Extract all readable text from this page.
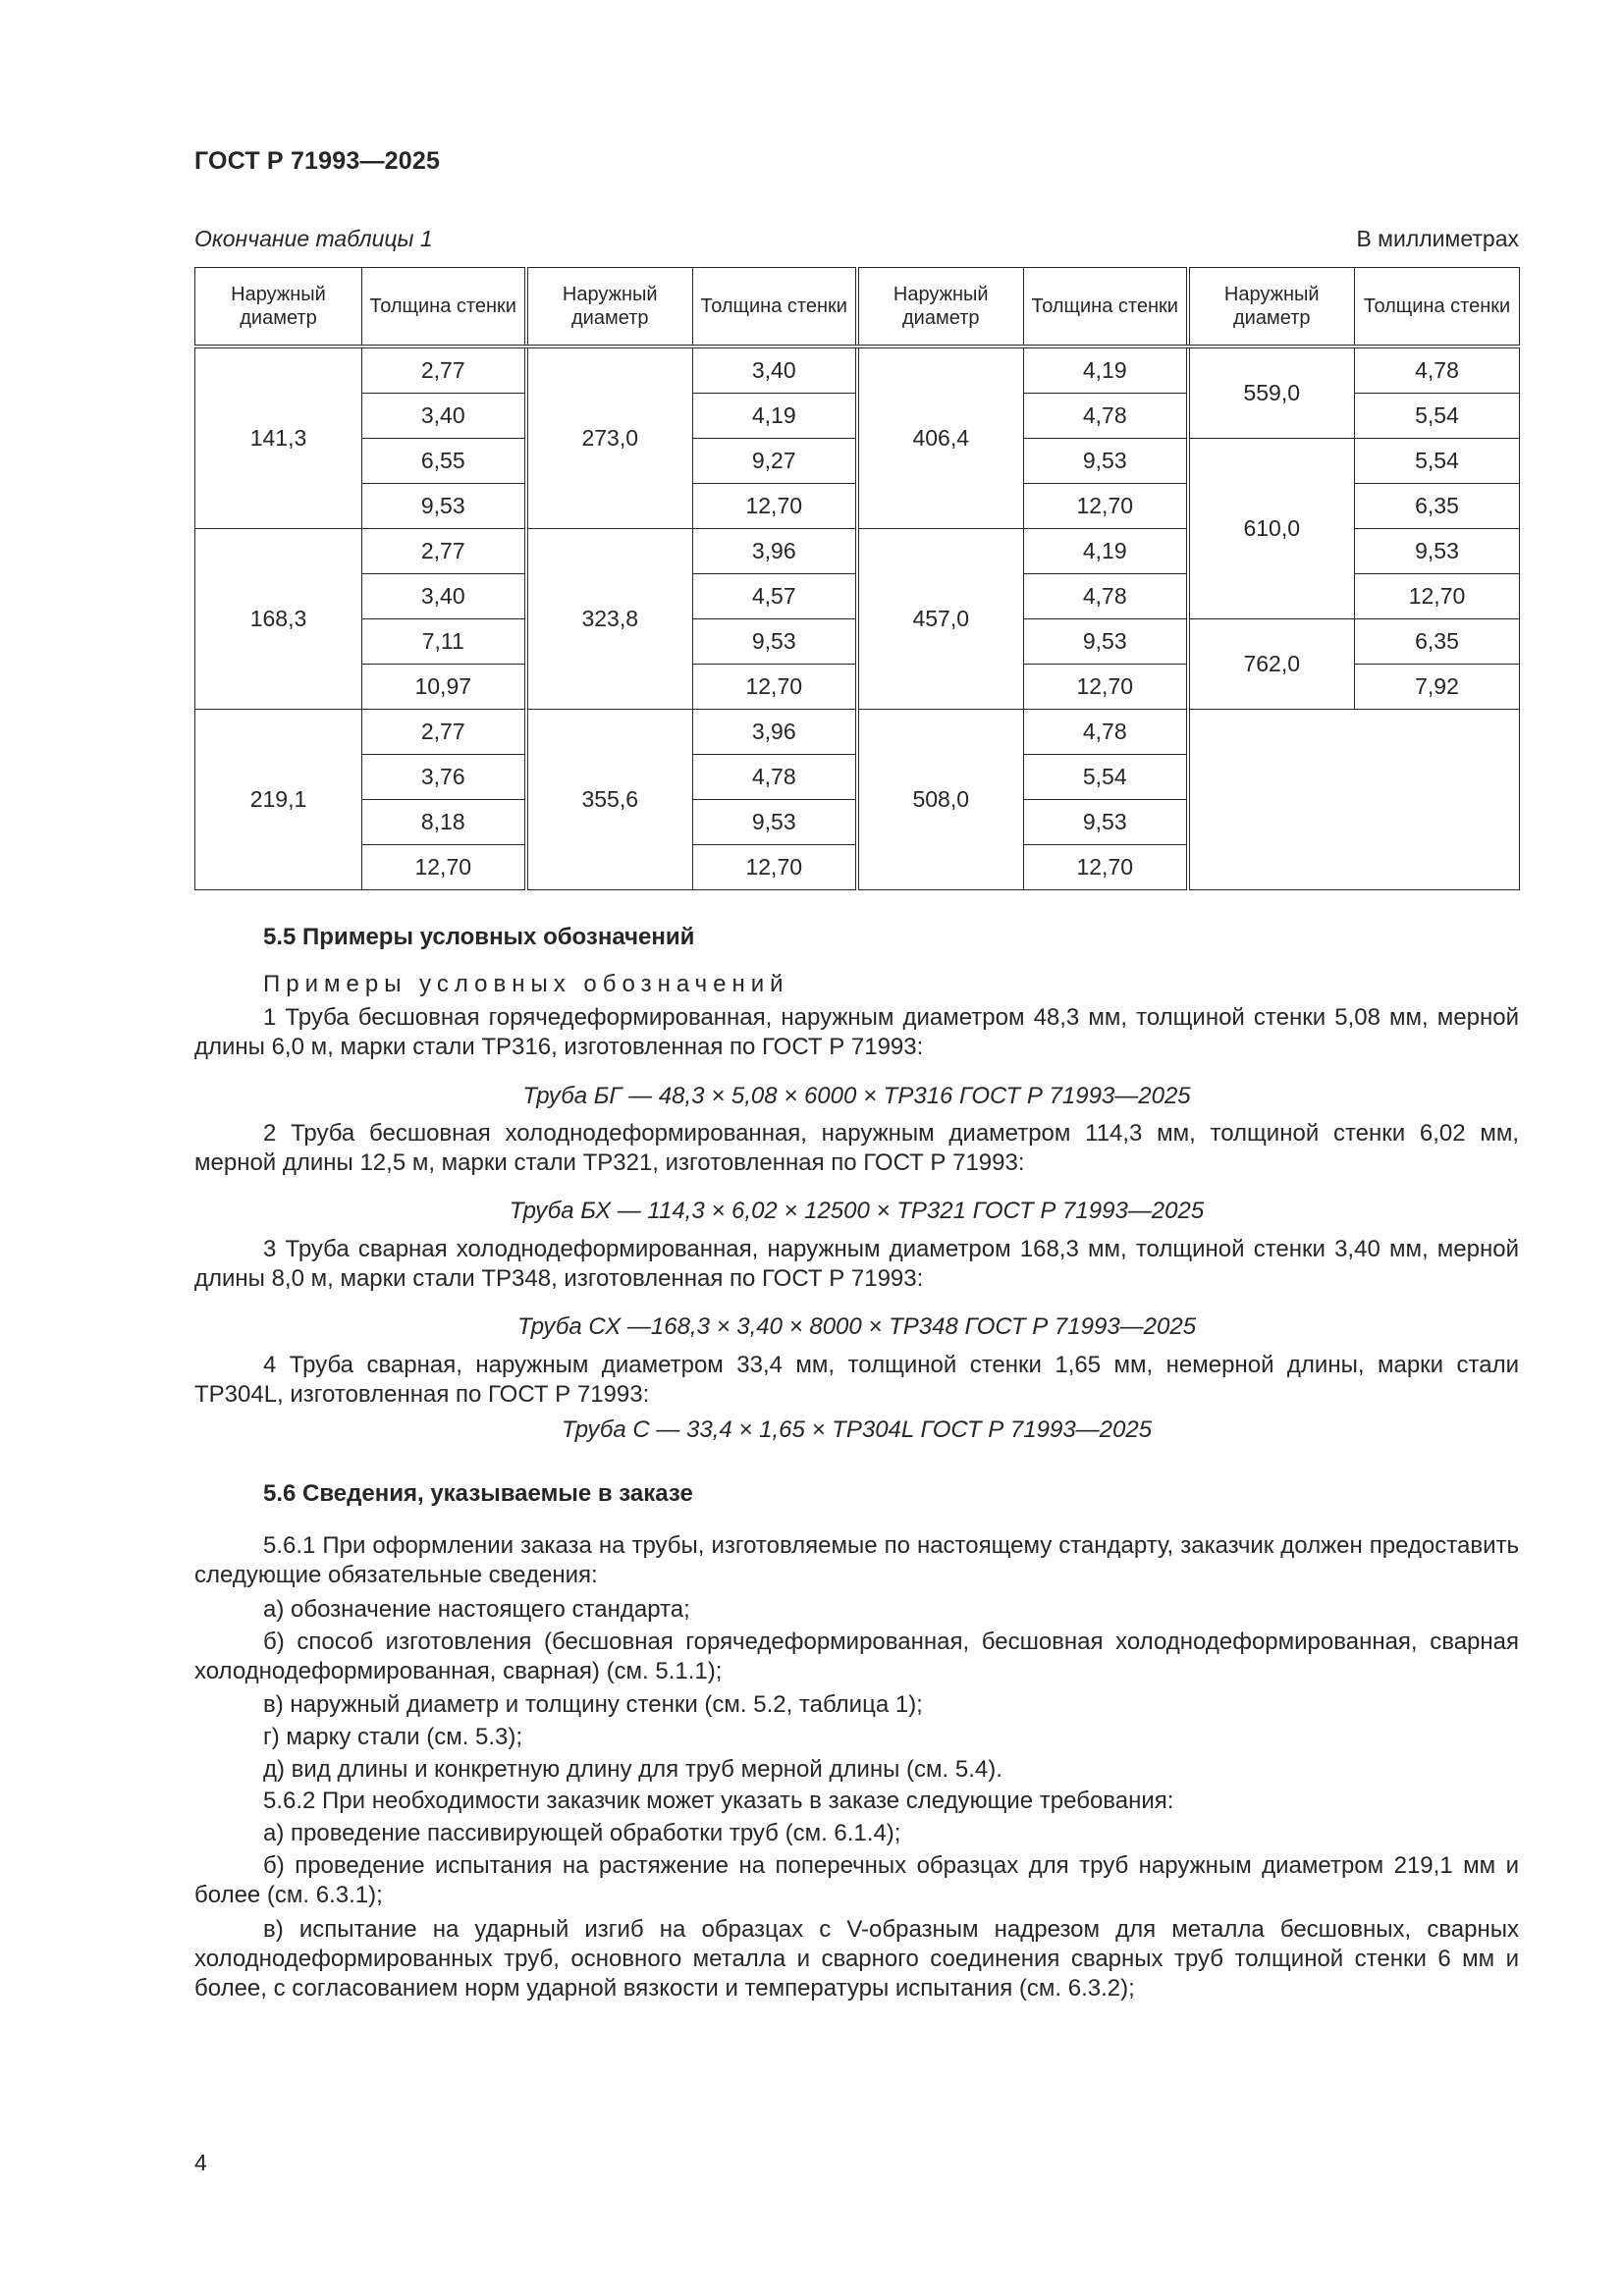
ГОСТ Р 71993—2025
Окончание таблицы 1	В миллиметрах
Наружный диаметр	Толщина стенки	Наружный диаметр	Толщина стенки	Наружный диаметр	Толщина стенки	Наружный диаметр	Толщина стенки
141,3	2,77	273,0	3,40	406,4	4,19	559,0	4,78
	3,40		4,19		4,78		5,54
	6,55		9,27		9,53	610,0	5,54
	9,53		12,70		12,70		6,35
168,3	2,77	323,8	3,96	457,0	4,19		9,53
	3,40		4,57		4,78		12,70
	7,11		9,53		9,53	762,0	6,35
	10,97		12,70		12,70		7,92
219,1	2,77	355,6	3,96	508,0	4,78		
	3,76		4,78		5,54		
	8,18		9,53		9,53		
	12,70		12,70		12,70		
5.5 Примеры условных обозначений
Примеры условных обозначений
1 Труба бесшовная горячедеформированная, наружным диаметром 48,3 мм, толщиной стенки 5,08 мм, мерной длины 6,0 м, марки стали ТР316, изготовленная по ГОСТ Р 71993:
Труба БГ — 48,3 × 5,08 × 6000 × ТР316 ГОСТ Р 71993—2025
2 Труба бесшовная холоднодеформированная, наружным диаметром 114,3 мм, толщиной стенки 6,02 мм, мерной длины 12,5 м, марки стали ТР321, изготовленная по ГОСТ Р 71993:
Труба БХ — 114,3 × 6,02 × 12500 × ТР321 ГОСТ Р 71993—2025
3 Труба сварная холоднодеформированная, наружным диаметром 168,3 мм, толщиной стенки 3,40 мм, мерной длины 8,0 м, марки стали ТР348, изготовленная по ГОСТ Р 71993:
Труба СХ —168,3 × 3,40 × 8000 × ТР348 ГОСТ Р 71993—2025
4 Труба сварная, наружным диаметром 33,4 мм, толщиной стенки 1,65 мм, немерной длины, марки стали ТР304L, изготовленная по ГОСТ Р 71993:
Труба С — 33,4 × 1,65 × ТР304L ГОСТ Р 71993—2025
5.6 Сведения, указываемые в заказе
5.6.1 При оформлении заказа на трубы, изготовляемые по настоящему стандарту, заказчик должен предоставить следующие обязательные сведения:
а) обозначение настоящего стандарта;
б) способ изготовления (бесшовная горячедеформированная, бесшовная холоднодеформированная, сварная холоднодеформированная, сварная) (см. 5.1.1);
в) наружный диаметр и толщину стенки (см. 5.2, таблица 1);
г) марку стали (см. 5.3);
д) вид длины и конкретную длину для труб мерной длины (см. 5.4).
5.6.2 При необходимости заказчик может указать в заказе следующие требования:
а) проведение пассивирующей обработки труб (см. 6.1.4);
б) проведение испытания на растяжение на поперечных образцах для труб наружным диаметром 219,1 мм и более (см. 6.3.1);
в) испытание на ударный изгиб на образцах с V-образным надрезом для металла бесшовных, сварных холоднодеформированных труб, основного металла и сварного соединения сварных труб толщиной стенки 6 мм и более, с согласованием норм ударной вязкости и температуры испытания (см. 6.3.2);
4
